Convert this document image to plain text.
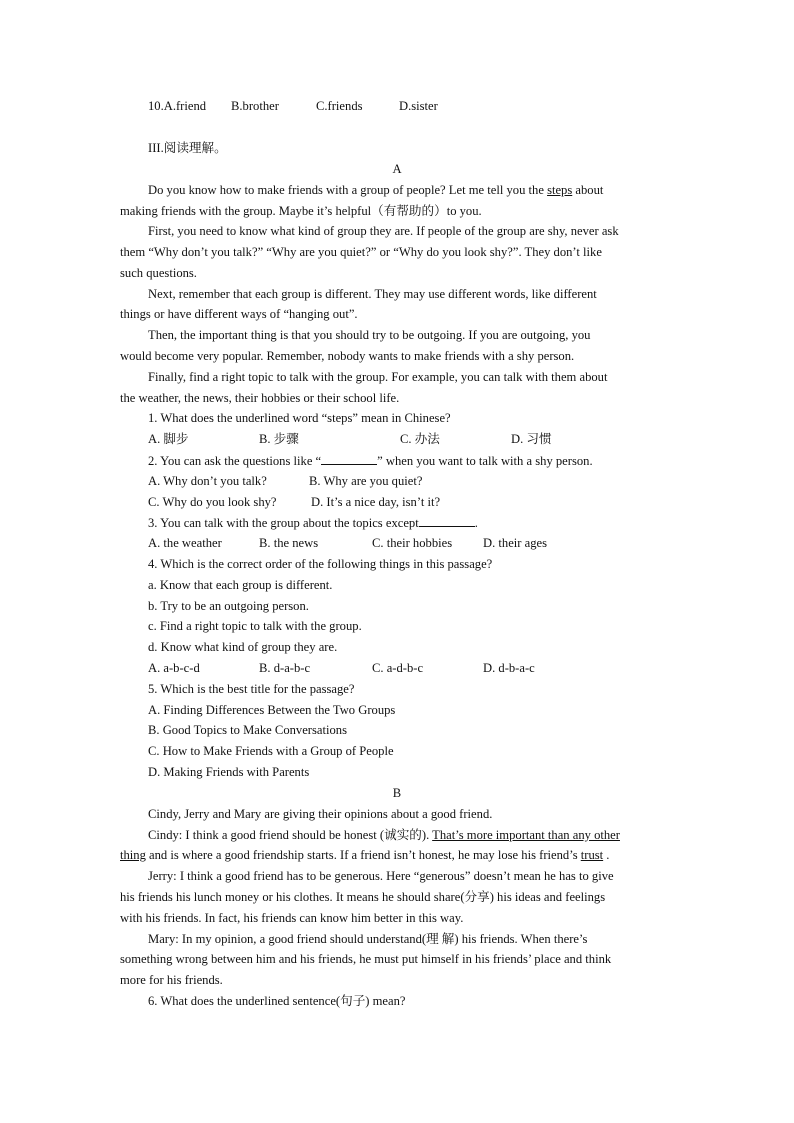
10.A.friend B.brother	C.friends	D.sister
III.阅读理解。
A
Do you know how to make friends with a group of people? Let me tell you the steps about
making friends with the group. Maybe it’s helpful（有帮助的）to you.
First, you need to know what kind of group they are. If people of the group are shy, never ask
them “Why don’t you talk?” “Why are you quiet?” or “Why do you look shy?”. They don’t like
such questions.
Next, remember that each group is different. They may use different words, like different
things or have different ways of “hanging out”.
Then, the important thing is that you should try to be outgoing. If you are outgoing, you
would become very popular. Remember, nobody wants to make friends with a shy person.
Finally, find a right topic to talk with the group. For example, you can talk with them about
the weather, the news, their hobbies or their school life.
1. What does the underlined word “steps” mean in Chinese?
A. 脚步	B. 步骤	C. 办法	D. 习惯
2. You can ask the questions like “	” when you want to talk with a shy person.
A. Why don’t you talk?	B. Why are you quiet?
C. Why do you look shy?	D. It’s a nice day, isn’t it?
3. You can talk with the group about the topics except	.
A. the weather	B. the news	C. their hobbies D. their ages
4. Which is the correct order of the following things in this passage?
a. Know that each group is different.
b. Try to be an outgoing person.
c. Find a right topic to talk with the group.
d. Know what kind of group they are.
A. a-b-c-d	B. d-a-b-c	C. a-d-b-c	D. d-b-a-c
5. Which is the best title for the passage?
A. Finding Differences Between the Two Groups
B. Good Topics to Make Conversations
C. How to Make Friends with a Group of People
D. Making Friends with Parents
B
Cindy, Jerry and Mary are giving their opinions about a good friend.
Cindy: I think a good friend should be honest (诚实的). That’s more important than any other
thing and is where a good friendship starts. If a friend isn’t honest, he may lose his friend’s trust .
Jerry: I think a good friend has to be generous. Here “generous” doesn’t mean he has to give
his friends his lunch money or his clothes. It means he should share(分享) his ideas and feelings
with his friends. In fact, his friends can know him better in this way.
Mary: In my opinion, a good friend should understand(理 解) his friends. When there’s
something wrong between him and his friends, he must put himself in his friends’ place and think
more for his friends.
6. What does the underlined sentence(句子) mean?
